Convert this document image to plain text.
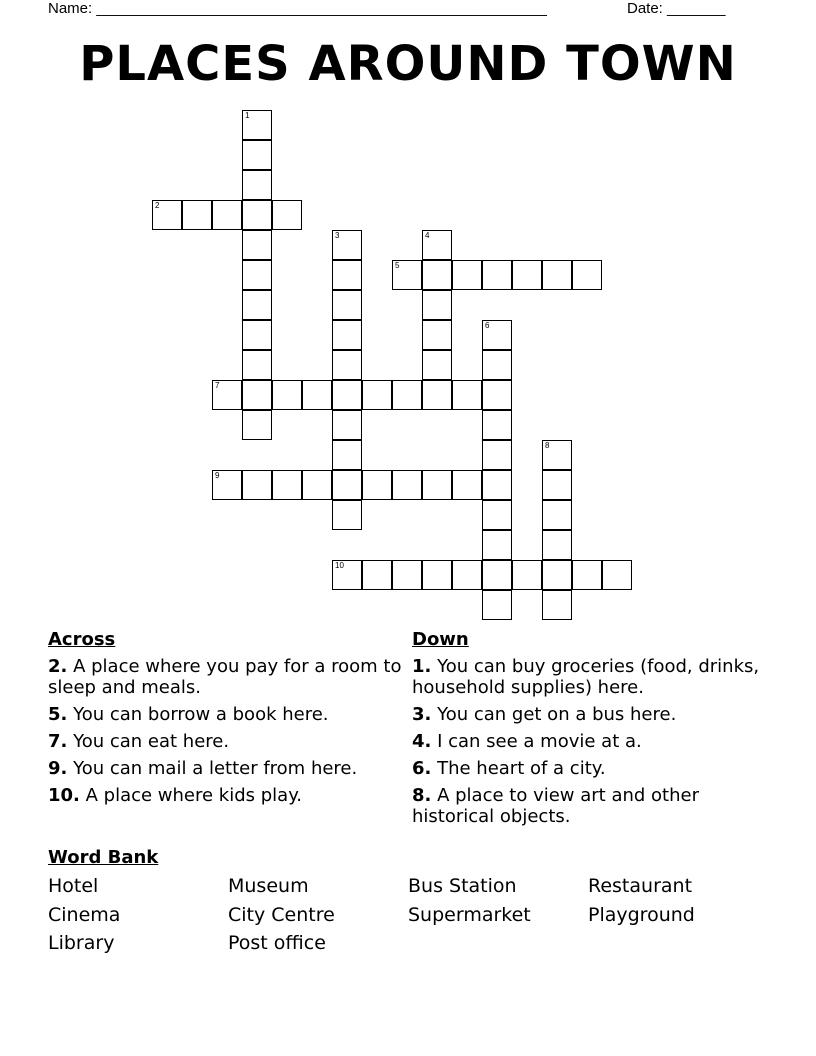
Name: ______________________________________________________	Date: _______
PLACES AROUND TOWN
1
2
3	4
5
6
7
8
9
10
Across
2. A place where you pay for a room to sleep and meals.
5. You can borrow a book here.
7. You can eat here.
9. You can mail a letter from here.
10. A place where kids play.
Down
1. You can buy groceries (food, drinks, household supplies) here.
3. You can get on a bus here.
4. I can see a movie at a.
6. The heart of a city.
8. A place to view art and other historical objects.
Word Bank
Hotel	Museum	Bus Station	Restaurant
Cinema	City Centre	Supermarket	Playground
Library	Post office
